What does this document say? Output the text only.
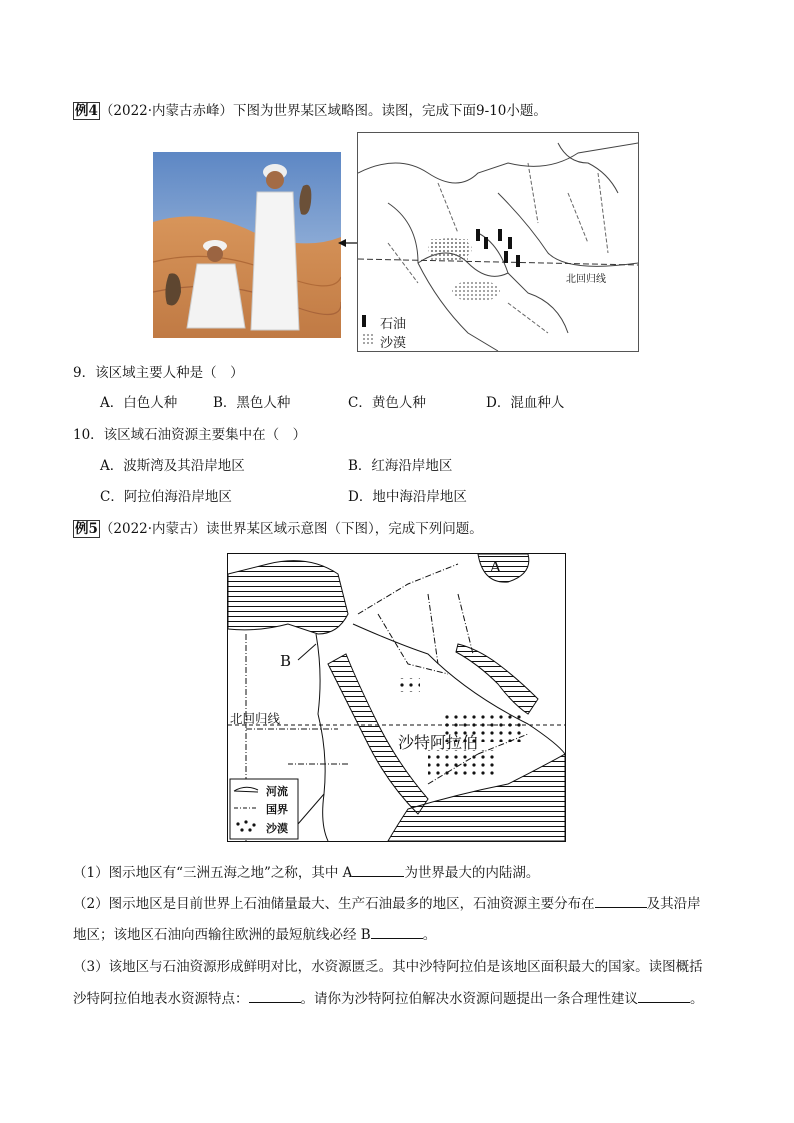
例4 （2022·内蒙古赤峰）下图为世界某区域略图。读图，完成下面9-10小题。
石油
沙漠
北回归线
9．该区域主要人种是（　）
A．白色人种	B．黑色人种	C．黄色人种	D．混血种人
10．该区域石油资源主要集中在（　）
A．波斯湾及其沿岸地区	B．红海沿岸地区
C．阿拉伯海沿岸地区	D．地中海沿岸地区
例5 （2022·内蒙古）读世界某区域示意图（下图），完成下列问题。
A
B
北回归线
沙特阿拉伯
河流
国界
沙漠
（1）图示地区有“三洲五海之地”之称，其中 A	为世界最大的内陆湖。
（2）图示地区是目前世界上石油储量最大、生产石油最多的地区，石油资源主要分布在	及其沿岸
地区；该地区石油向西输往欧洲的最短航线必经 B	。
（3）该地区与石油资源形成鲜明对比，水资源匮乏。其中沙特阿拉伯是该地区面积最大的国家。读图概括
沙特阿拉伯地表水资源特点：	。请你为沙特阿拉伯解决水资源问题提出一条合理性建议	。
